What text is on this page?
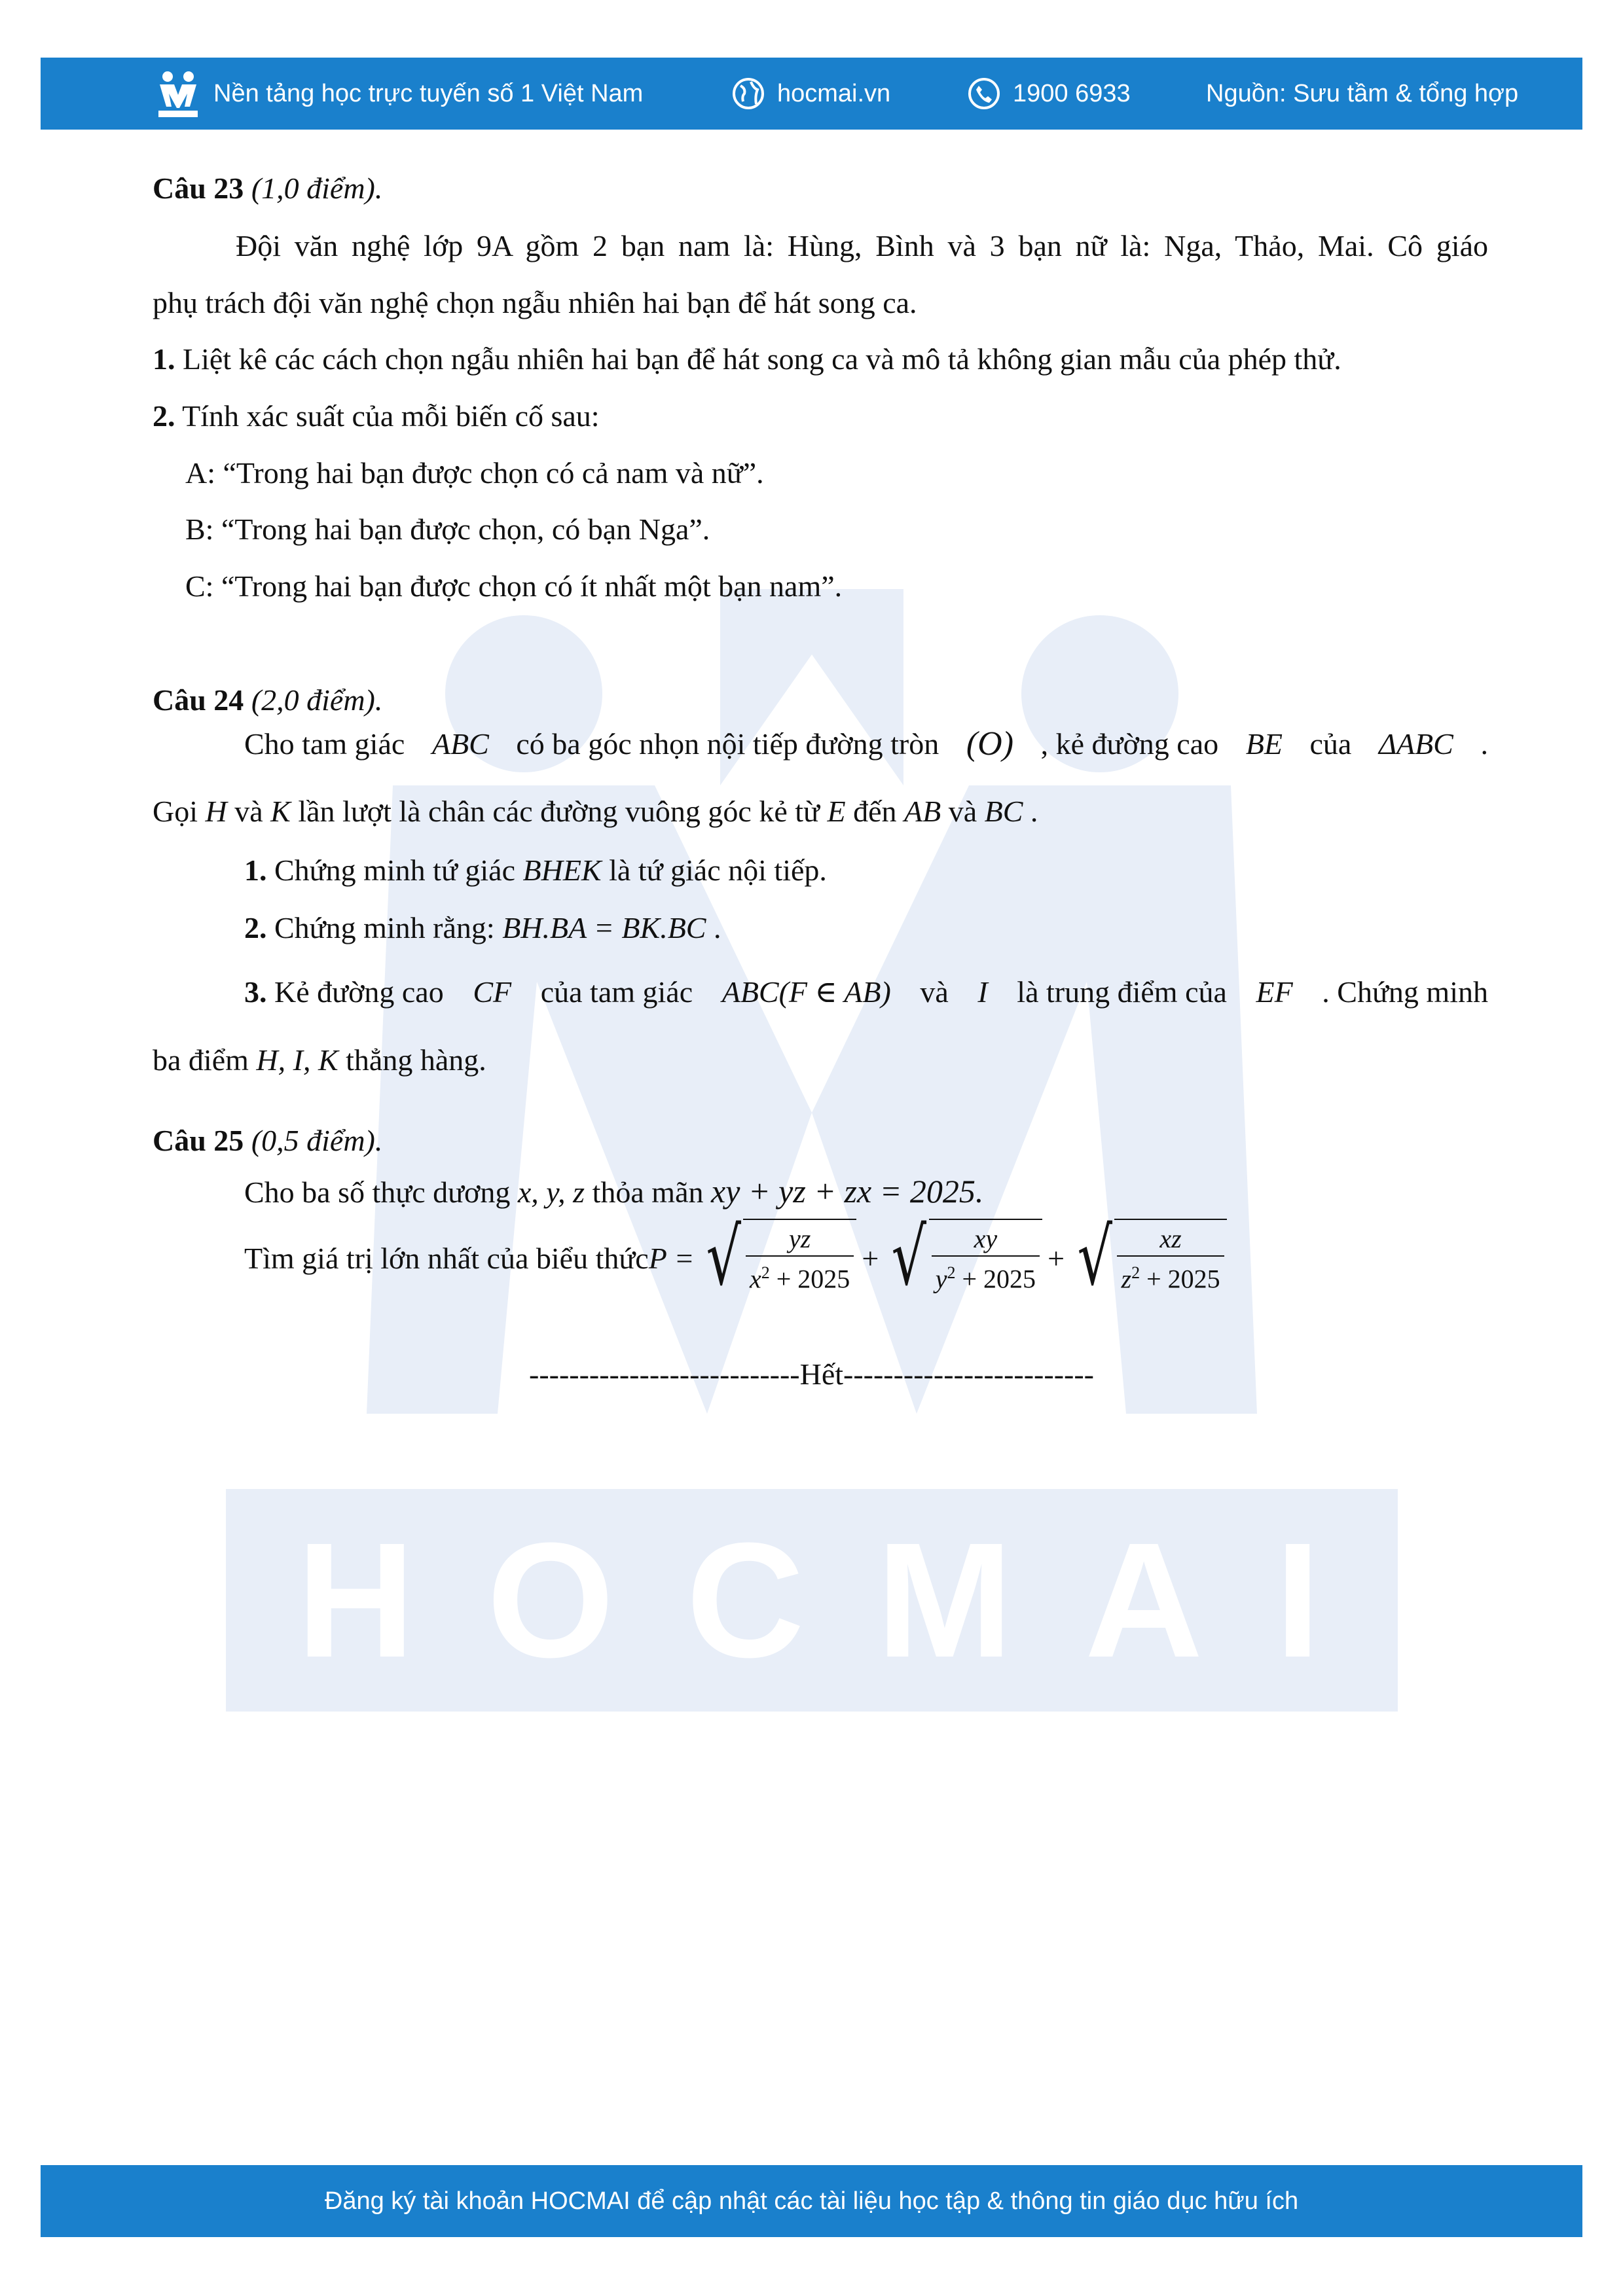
HOCMAI
Nền tảng học trực tuyến số 1 Việt Nam	hocmai.vn	1900 6933	Nguồn: Sưu tầm & tổng hợp
Câu 23 (1,0 điểm).
Đội văn nghệ lớp 9A gồm 2 bạn nam là: Hùng, Bình và 3 bạn nữ là: Nga, Thảo, Mai. Cô giáo
phụ trách đội văn nghệ chọn ngẫu nhiên hai bạn để hát song ca.
1. Liệt kê các cách chọn ngẫu nhiên hai bạn để hát song ca và mô tả không gian mẫu của phép thử.
2. Tính xác suất của mỗi biến cố sau:
A: “Trong hai bạn được chọn có cả nam và nữ”.
B: “Trong hai bạn được chọn, có bạn Nga”.
C: “Trong hai bạn được chọn có ít nhất một bạn nam”.
Câu 24 (2,0 điểm).
Cho tam giác ABC có ba góc nhọn nội tiếp đường tròn (O) , kẻ đường cao BE của ΔABC .
Gọi H và K lần lượt là chân các đường vuông góc kẻ từ E đến AB và BC .
1. Chứng minh tứ giác BHEK là tứ giác nội tiếp.
2. Chứng minh rằng: BH.BA = BK.BC .
3. Kẻ đường cao CF của tam giác ABC(F ∈ AB) và I là trung điểm của EF . Chứng minh
ba điểm H, I, K thẳng hàng.
Câu 25 (0,5 điểm).
Cho ba số thực dương x, y, z thỏa mãn xy + yz + zx = 2025.
Tìm giá trị lớn nhất của biểu thức P = √ $\frac{yz}{x^2 + 2025}$ + √ $\frac{xy}{y^2 + 2025}$ + √ $\frac{xz}{z^2 + 2025}$
---------------------------Hết-------------------------
Đăng ký tài khoản HOCMAI để cập nhật các tài liệu học tập & thông tin giáo dục hữu ích
